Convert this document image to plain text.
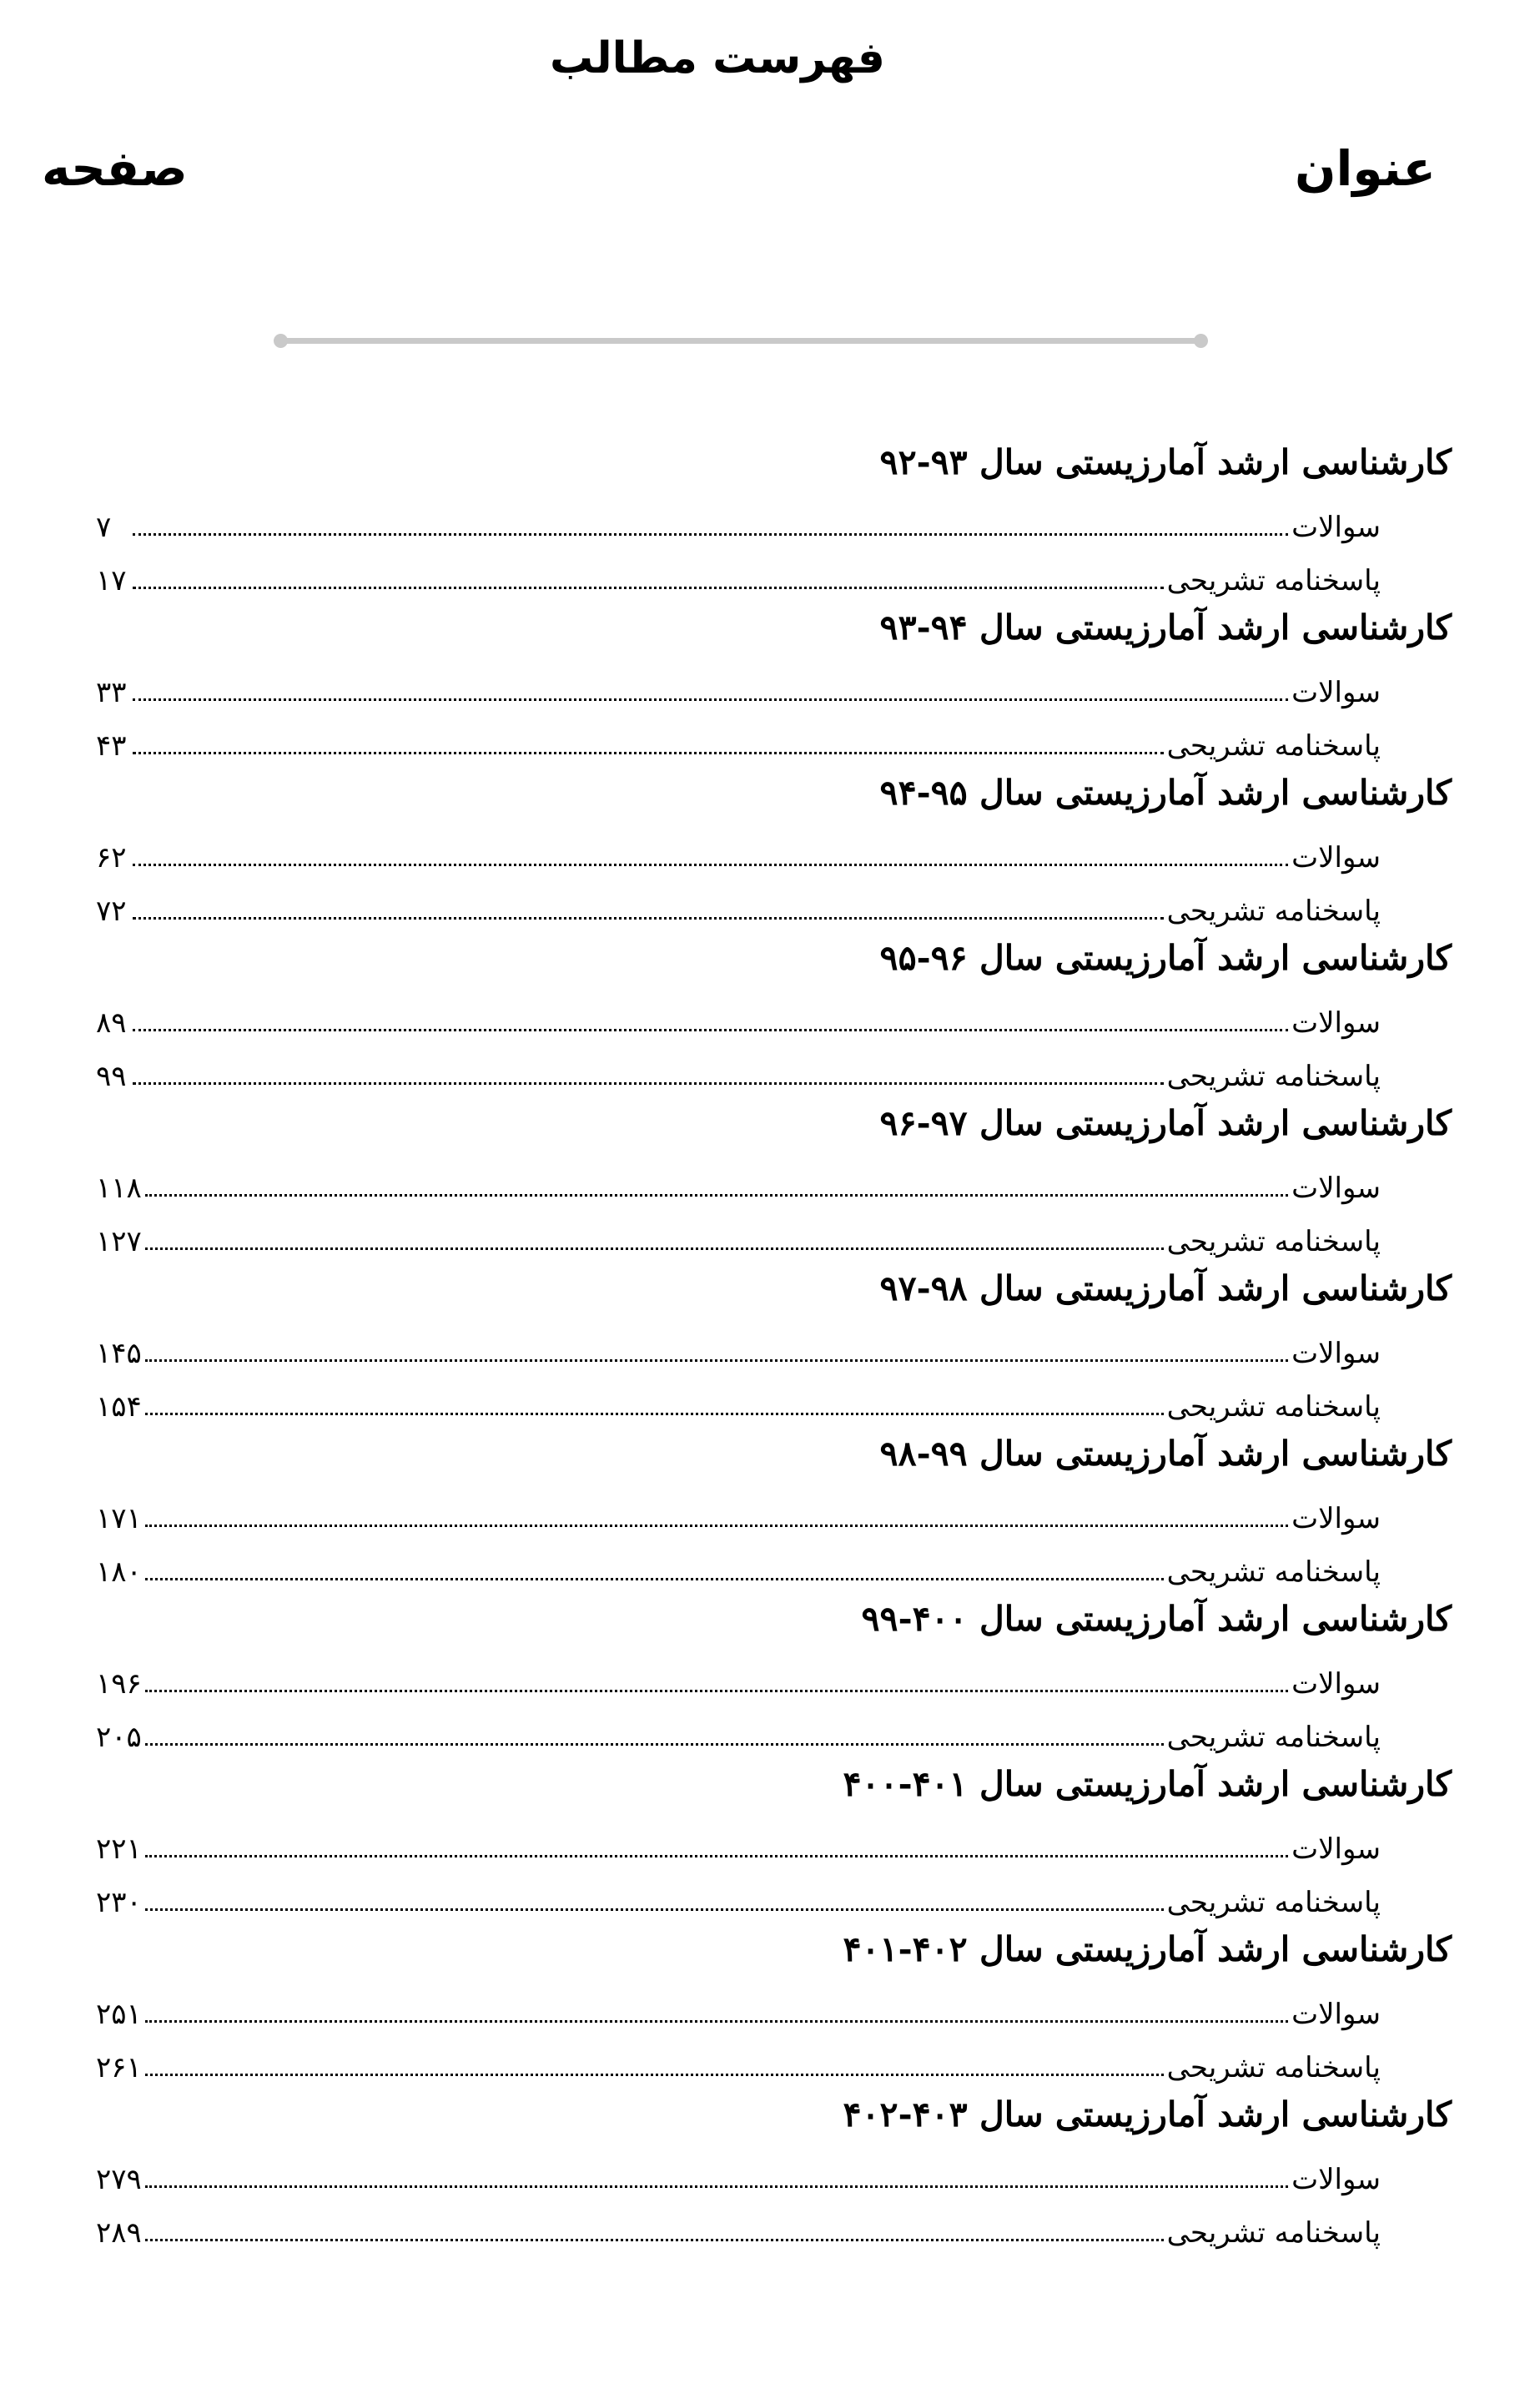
فهرست مطالب
عنوان
صفحه
کارشناسی ارشد آمارزیستی سال ۹۳-۹۲
سوالات
۷
پاسخنامه تشریحی
۱۷
کارشناسی ارشد آمارزیستی سال ۹۴-۹۳
سوالات
۳۳
پاسخنامه تشریحی
۴۳
کارشناسی ارشد آمارزیستی سال ۹۵-۹۴
سوالات
۶۲
پاسخنامه تشریحی
۷۲
کارشناسی ارشد آمارزیستی سال ۹۶-۹۵
سوالات
۸۹
پاسخنامه تشریحی
۹۹
کارشناسی ارشد آمارزیستی سال ۹۷-۹۶
سوالات
۱۱۸
پاسخنامه تشریحی
۱۲۷
کارشناسی ارشد آمارزیستی سال ۹۸-۹۷
سوالات
۱۴۵
پاسخنامه تشریحی
۱۵۴
کارشناسی ارشد آمارزیستی سال ۹۹-۹۸
سوالات
۱۷۱
پاسخنامه تشریحی
۱۸۰
کارشناسی ارشد آمارزیستی سال ۴۰۰-۹۹
سوالات
۱۹۶
پاسخنامه تشریحی
۲۰۵
کارشناسی ارشد آمارزیستی سال ۴۰۱-۴۰۰
سوالات
۲۲۱
پاسخنامه تشریحی
۲۳۰
کارشناسی ارشد آمارزیستی سال ۴۰۲-۴۰۱
سوالات
۲۵۱
پاسخنامه تشریحی
۲۶۱
کارشناسی ارشد آمارزیستی سال ۴۰۳-۴۰۲
سوالات
۲۷۹
پاسخنامه تشریحی
۲۸۹
